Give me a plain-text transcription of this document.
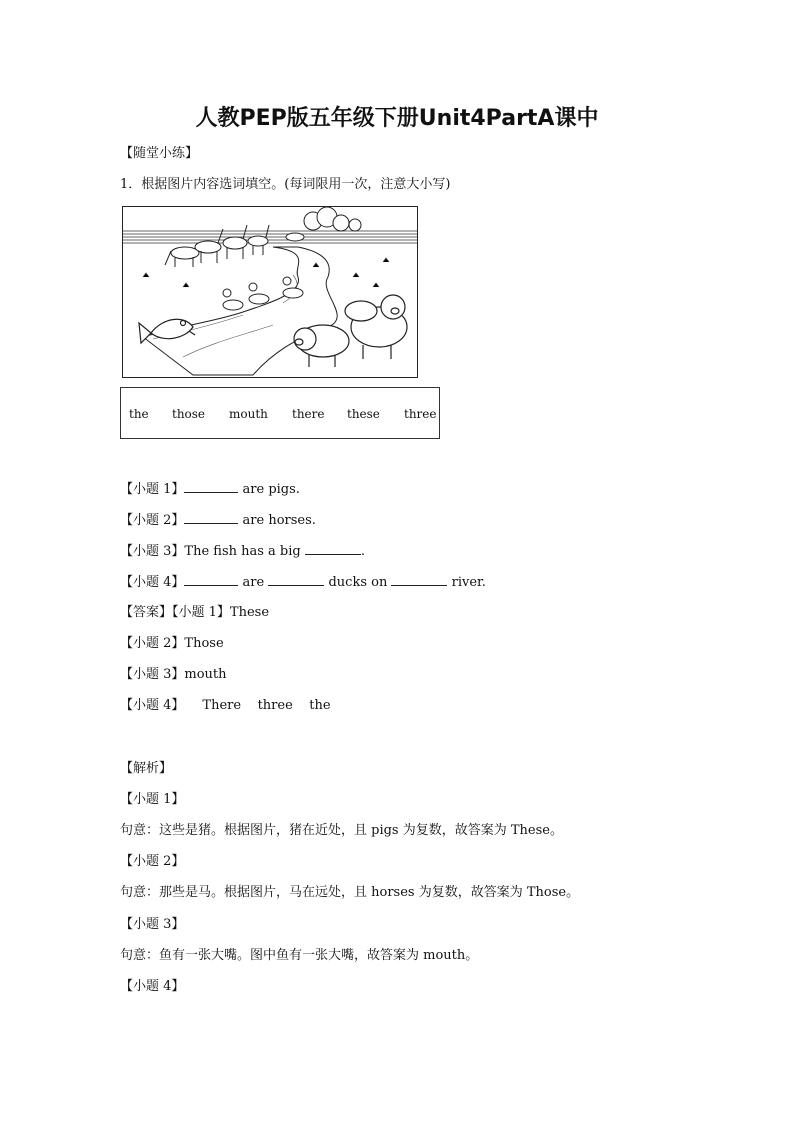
人教PEP版五年级下册Unit4PartA课中
【随堂小练】
1．根据图片内容选词填空。(每词限用一次，注意大小写)
the those mouth there these three
【小题 1】	are pigs.
【小题 2】	are horses.
【小题 3】The fish has a big	.
【小题 4】	are	ducks on	river.
【答案】【小题 1】These
【小题 2】Those
【小题 3】mouth
【小题 4】 There    three    the
【解析】
【小题 1】
句意：这些是猪。根据图片，猪在近处，且 pigs 为复数，故答案为 These。
【小题 2】
句意：那些是马。根据图片，马在远处，且 horses 为复数，故答案为 Those。
【小题 3】
句意：鱼有一张大嘴。图中鱼有一张大嘴，故答案为 mouth。
【小题 4】
